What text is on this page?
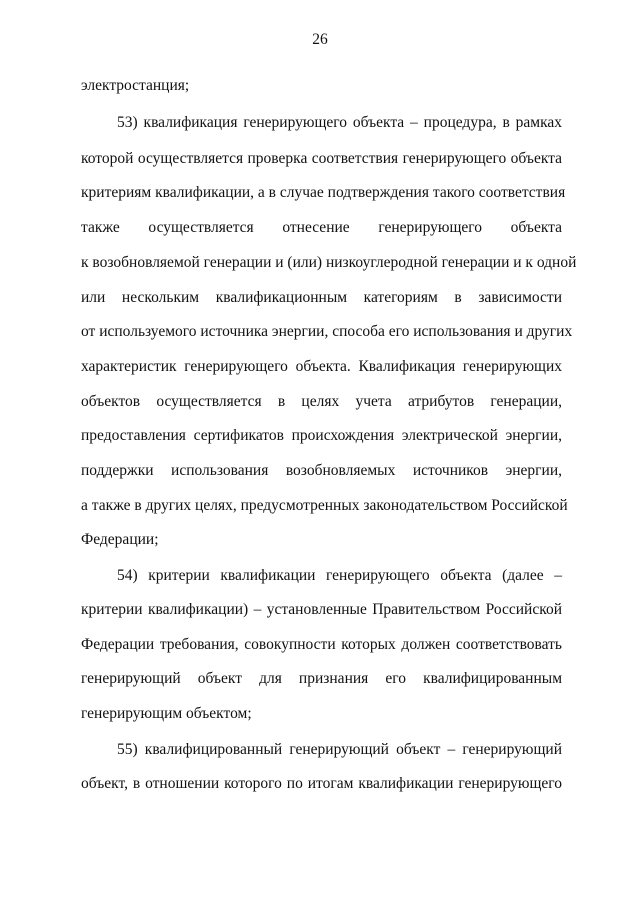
26
электростанция;
53) квалификация генерирующего объекта – процедура, в рамках
которой осуществляется проверка соответствия генерирующего объекта
критериям квалификации, а в случае подтверждения такого соответствия
также осуществляется отнесение генерирующего объекта
к возобновляемой генерации и (или) низкоуглеродной генерации и к одной
или нескольким квалификационным категориям в зависимости
от используемого источника энергии, способа его использования и других
характеристик генерирующего объекта. Квалификация генерирующих
объектов осуществляется в целях учета атрибутов генерации,
предоставления сертификатов происхождения электрической энергии,
поддержки использования возобновляемых источников энергии,
а также в других целях, предусмотренных законодательством Российской
Федерации;
54) критерии квалификации генерирующего объекта (далее –
критерии квалификации) – установленные Правительством Российской
Федерации требования, совокупности которых должен соответствовать
генерирующий объект для признания его квалифицированным
генерирующим объектом;
55) квалифицированный генерирующий объект – генерирующий
объект, в отношении которого по итогам квалификации генерирующего
